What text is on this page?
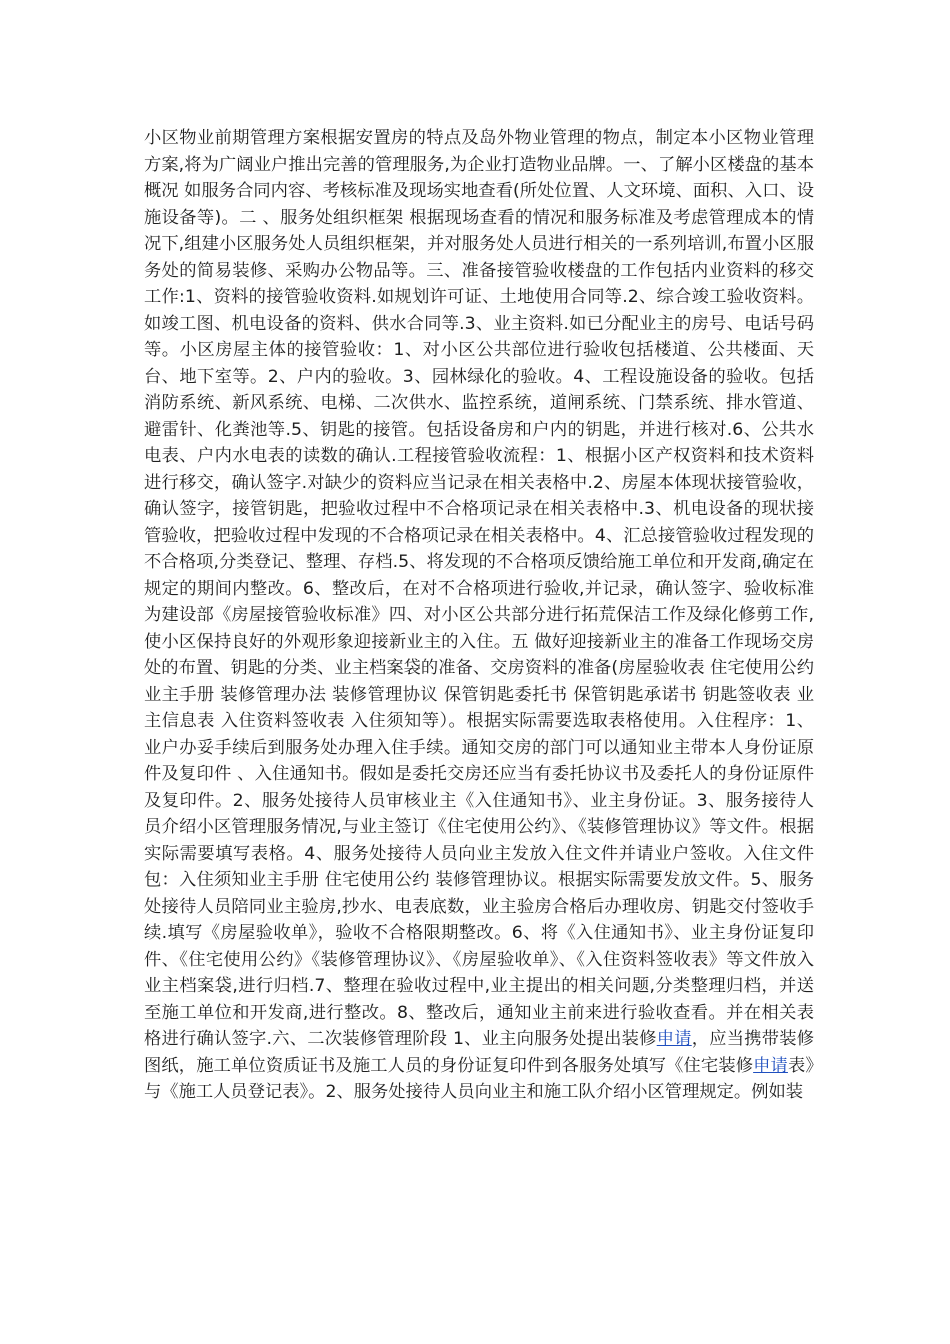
小区物业前期管理方案根据安置房的特点及岛外物业管理的物点，制定本小区物业管理方案,将为广阔业户推出完善的管理服务,为企业打造物业品牌。一、了解小区楼盘的基本概况 如服务合同内容、考核标准及现场实地查看(所处位置、人文环境、面积、入口、设施设备等)。二 、服务处组织框架 根据现场查看的情况和服务标准及考虑管理成本的情况下,组建小区服务处人员组织框架，并对服务处人员进行相关的一系列培训,布置小区服务处的简易装修、采购办公物品等。三、准备接管验收楼盘的工作包括内业资料的移交工作:1、资料的接管验收资料.如规划许可证、土地使用合同等.2、综合竣工验收资料。如竣工图、机电设备的资料、供水合同等.3、业主资料.如已分配业主的房号、电话号码等。小区房屋主体的接管验收：1、对小区公共部位进行验收包括楼道、公共楼面、天台、地下室等。2、户内的验收。3、园林绿化的验收。4、工程设施设备的验收。包括消防系统、新风系统、电梯、二次供水、监控系统，道闸系统、门禁系统、排水管道、避雷针、化粪池等.5、钥匙的接管。包括设备房和户内的钥匙，并进行核对.6、公共水电表、户内水电表的读数的确认.工程接管验收流程：1、根据小区产权资料和技术资料进行移交，确认签字.对缺少的资料应当记录在相关表格中.2、房屋本体现状接管验收，确认签字，接管钥匙，把验收过程中不合格项记录在相关表格中.3、机电设备的现状接管验收，把验收过程中发现的不合格项记录在相关表格中。4、汇总接管验收过程发现的不合格项,分类登记、整理、存档.5、将发现的不合格项反馈给施工单位和开发商,确定在规定的期间内整改。6、整改后，在对不合格项进行验收,并记录，确认签字、验收标准为建设部《房屋接管验收标准》四、对小区公共部分进行拓荒保洁工作及绿化修剪工作,使小区保持良好的外观形象迎接新业主的入住。五 做好迎接新业主的准备工作现场交房处的布置、钥匙的分类、业主档案袋的准备、交房资料的准备(房屋验收表 住宅使用公约 业主手册 装修管理办法 装修管理协议 保管钥匙委托书 保管钥匙承诺书 钥匙签收表 业主信息表 入住资料签收表 入住须知等）。根据实际需要选取表格使用。入住程序：1、业户办妥手续后到服务处办理入住手续。通知交房的部门可以通知业主带本人身份证原件及复印件 、入住通知书。假如是委托交房还应当有委托协议书及委托人的身份证原件及复印件。2、服务处接待人员审核业主《入住通知书》、业主身份证。3、服务接待人员介绍小区管理服务情况,与业主签订《住宅使用公约》、《装修管理协议》等文件。根据实际需要填写表格。4、服务处接待人员向业主发放入住文件并请业户签收。入住文件包：入住须知业主手册 住宅使用公约 装修管理协议。根据实际需要发放文件。5、服务处接待人员陪同业主验房,抄水、电表底数，业主验房合格后办理收房、钥匙交付签收手续.填写《房屋验收单》，验收不合格限期整改。6、将《入住通知书》、业主身份证复印件、《住宅使用公约》《装修管理协议》、《房屋验收单》、《入住资料签收表》等文件放入业主档案袋,进行归档.7、整理在验收过程中,业主提出的相关问题,分类整理归档，并送至施工单位和开发商,进行整改。8、整改后，通知业主前来进行验收查看。并在相关表格进行确认签字.六、二次装修管理阶段 1、业主向服务处提出装修申请，应当携带装修图纸，施工单位资质证书及施工人员的身份证复印件到各服务处填写《住宅装修申请表》与《施工人员登记表》。2、服务处接待人员向业主和施工队介绍小区管理规定。例如装
